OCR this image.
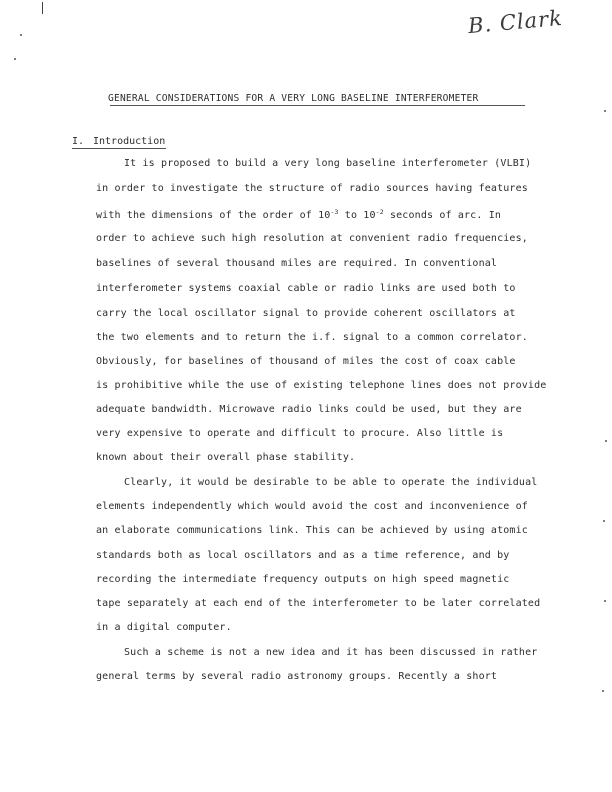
B. Clark
GENERAL CONSIDERATIONS FOR A VERY LONG BASELINE INTERFEROMETER
I. Introduction
It is proposed to build a very long baseline interferometer (VLBI)
in order to investigate the structure of radio sources having features
with the dimensions of the order of $10^{-3}$ to $10^{-2}$ seconds of arc. In
order to achieve such high resolution at convenient radio frequencies,
baselines of several thousand miles are required. In conventional
interferometer systems coaxial cable or radio links are used both to
carry the local oscillator signal to provide coherent oscillators at
the two elements and to return the i.f. signal to a common correlator.
Obviously, for baselines of thousand of miles the cost of coax cable
is prohibitive while the use of existing telephone lines does not provide
adequate bandwidth. Microwave radio links could be used, but they are
very expensive to operate and difficult to procure. Also little is
known about their overall phase stability.
Clearly, it would be desirable to be able to operate the individual
elements independently which would avoid the cost and inconvenience of
an elaborate communications link. This can be achieved by using atomic
standards both as local oscillators and as a time reference, and by
recording the intermediate frequency outputs on high speed magnetic
tape separately at each end of the interferometer to be later correlated
in a digital computer.
Such a scheme is not a new idea and it has been discussed in rather
general terms by several radio astronomy groups. Recently a short
